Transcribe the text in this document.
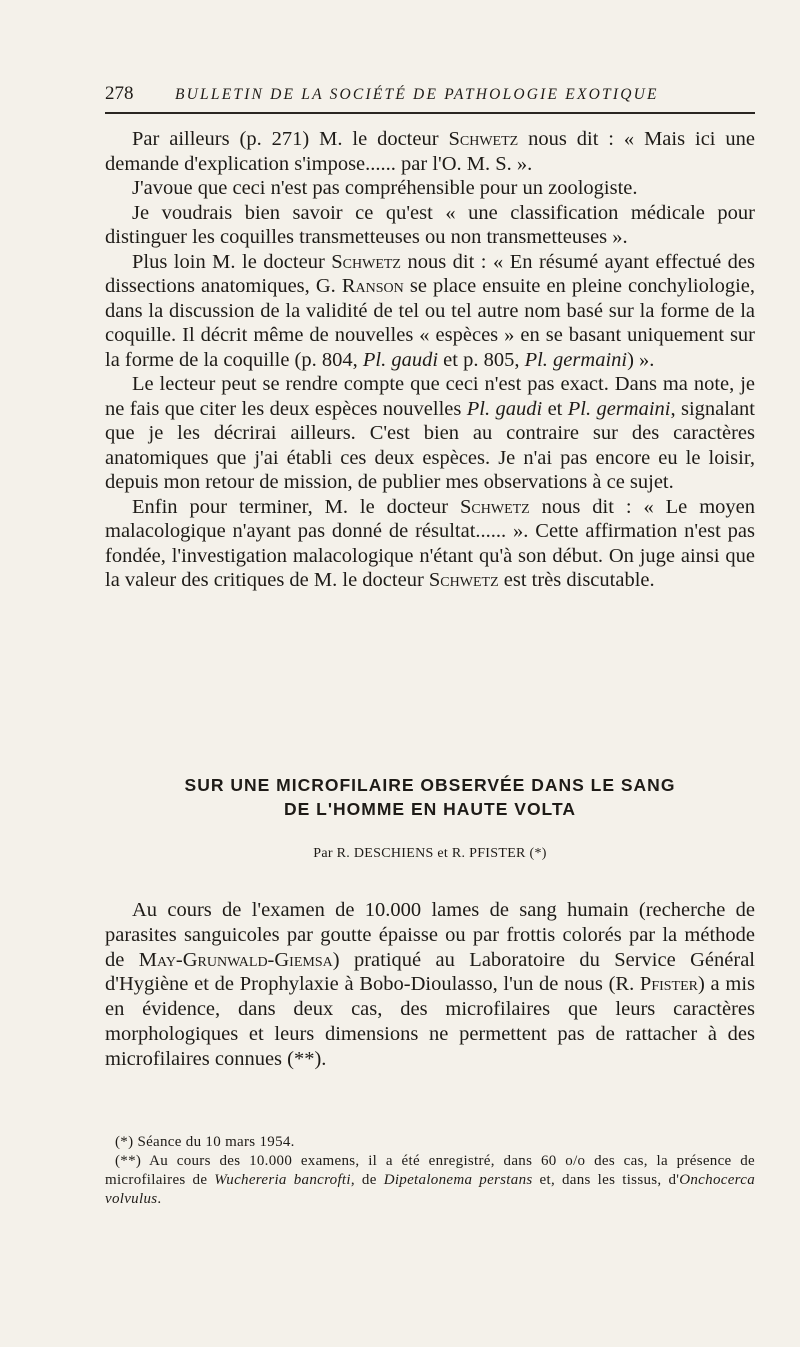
278	BULLETIN DE LA SOCIÉTÉ DE PATHOLOGIE EXOTIQUE

Par ailleurs (p. 271) M. le docteur Schwetz nous dit : « Mais ici une demande d'explication s'impose...... par l'O. M. S. ».

J'avoue que ceci n'est pas compréhensible pour un zoologiste.

Je voudrais bien savoir ce qu'est « une classification médicale pour distinguer les coquilles transmetteuses ou non transmetteuses ».

Plus loin M. le docteur Schwetz nous dit : « En résumé ayant effectué des dissections anatomiques, G. Ranson se place ensuite en pleine conchyliologie, dans la discussion de la validité de tel ou tel autre nom basé sur la forme de la coquille. Il décrit même de nouvelles « espèces » en se basant uniquement sur la forme de la coquille (p. 804, Pl. gaudi et p. 805, Pl. germaini) ».

Le lecteur peut se rendre compte que ceci n'est pas exact. Dans ma note, je ne fais que citer les deux espèces nouvelles Pl. gaudi et Pl. germaini, signalant que je les décrirai ailleurs. C'est bien au contraire sur des caractères anatomiques que j'ai établi ces deux espèces. Je n'ai pas encore eu le loisir, depuis mon retour de mission, de publier mes observations à ce sujet.

Enfin pour terminer, M. le docteur Schwetz nous dit : « Le moyen malacologique n'ayant pas donné de résultat...... ». Cette affirmation n'est pas fondée, l'investigation malacologique n'étant qu'à son début. On juge ainsi que la valeur des critiques de M. le docteur Schwetz est très discutable.

SUR UNE MICROFILAIRE OBSERVÉE DANS LE SANG
DE L'HOMME EN HAUTE VOLTA
Par R. DESCHIENS et R. PFISTER (*)

Au cours de l'examen de 10.000 lames de sang humain (recherche de parasites sanguicoles par goutte épaisse ou par frottis colorés par la méthode de May-Grunwald-Giemsa) pratiqué au Laboratoire du Service Général d'Hygiène et de Prophylaxie à Bobo-Dioulasso, l'un de nous (R. Pfister) a mis en évidence, dans deux cas, des microfilaires que leurs caractères morphologiques et leurs dimensions ne permettent pas de rattacher à des microfilaires connues (**).

(*) Séance du 10 mars 1954.

(**) Au cours des 10.000 examens, il a été enregistré, dans 60 o/o des cas, la présence de microfilaires de Wuchereria bancrofti, de Dipetalonema perstans et, dans les tissus, d'Onchocerca volvulus.
